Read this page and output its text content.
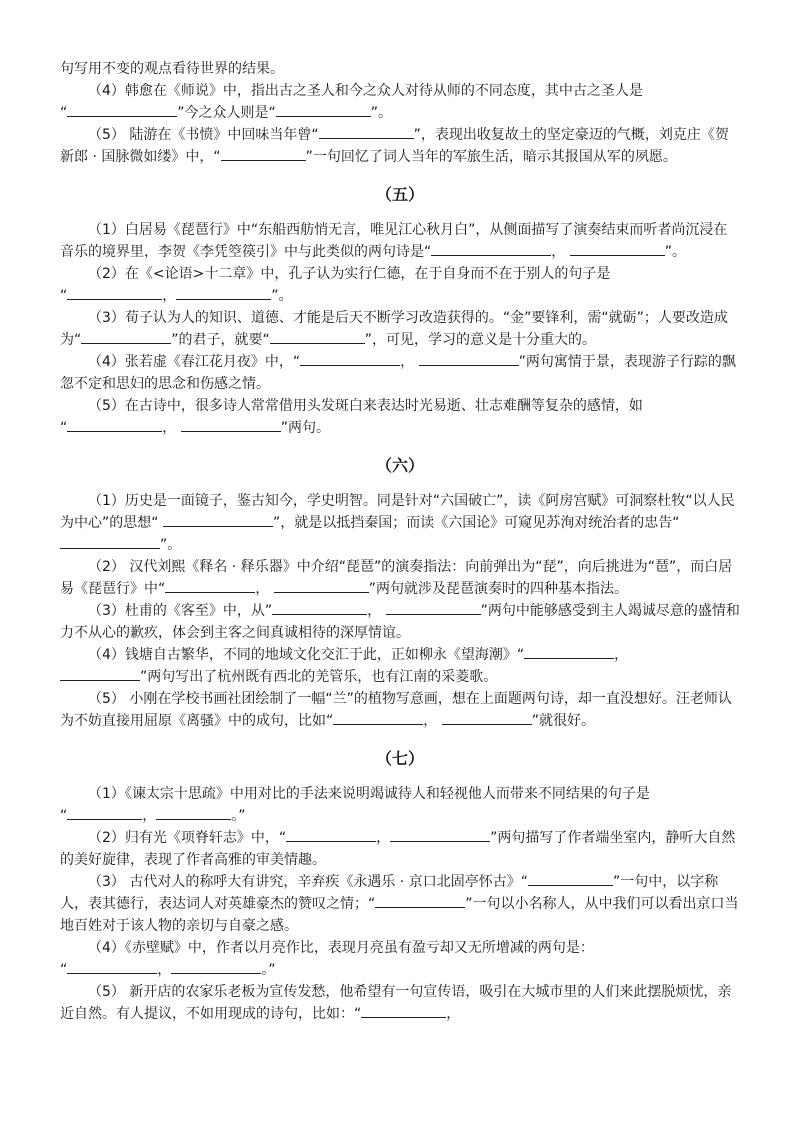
句写用不变的观点看待世界的结果。

（4）韩愈在《师说》中，指出古之圣人和今之众人对待从师的不同态度，其中古之圣人是
“	”今之众人则是“	”。

（5） 陆游在《书愤》中回味当年曾“	”，表现出收复故土的坚定豪迈的气概，刘克庄《贺新郎 · 国脉微如缕》中，“	”一句回忆了词人当年的军旅生活，暗示其报国从军的夙愿。

（五）

（1）白居易《琵琶行》中“东船西舫悄无言，唯见江心秋月白”，从侧面描写了演奏结束而听者尚沉浸在音乐的境界里，李贺《李凭箜篌引》中与此类似的两句诗是“	，	”。

（2）在《<论语>十二章》中，孔子认为实行仁德，在于自身而不在于别人的句子是
“	，	”。

（3）荀子认为人的知识、道德、才能是后天不断学习改造获得的。“金”要锋利，需“就砺”；人要改造成为“	”的君子，就要“	”，可见，学习的意义是十分重大的。

（4）张若虚《春江花月夜》中，“	，	”两句寓情于景，表现游子行踪的飘忽不定和思妇的思念和伤感之情。

（5）在古诗中，很多诗人常常借用头发斑白来表达时光易逝、壮志难酬等复杂的感情，如
“	，	”两句。

（六）

（1）历史是一面镜子，鉴古知今，学史明智。同是针对“六国破亡”，读《阿房宫赋》可洞察杜牧“以人民为中心”的思想“	”，就是以抵挡秦国；而读《六国论》可窥见苏洵对统治者的忠告“”。

（2） 汉代刘熙《释名 · 释乐器》中介绍“琵琶”的演奏指法：向前弹出为“琵”，向后挑进为“琶”，而白居易《琵琶行》中“	，	”两句就涉及琵琶演奏时的四种基本指法。

（3）杜甫的《客至》中，从”	，	”两句中能够感受到主人竭诚尽意的盛情和力不从心的歉疚，体会到主客之间真诚相待的深厚情谊。

（4）钱塘自古繁华，不同的地域文化交汇于此，正如柳永《望海潮》“	，
”两句写出了杭州既有西北的羌管乐，也有江南的采菱歌。

（5） 小刚在学校书画社团绘制了一幅“兰”的植物写意画，想在上面题两句诗，却一直没想好。汪老师认为不妨直接用屈原《离骚》中的成句，比如“	，	”就很好。

（七）

（1）《谏太宗十思疏》中用对比的手法来说明竭诚待人和轻视他人而带来不同结果的句子是
“	，	。”

（2）归有光《项脊轩志》中，“	，	”两句描写了作者端坐室内，静听大自然的美好旋律，表现了作者高雅的审美情趣。

（3） 古代对人的称呼大有讲究，辛弃疾《永遇乐 · 京口北固亭怀古》“	”一句中，以字称人，表其德行，表达词人对英雄豪杰的赞叹之情；“	”一句以小名称人，从中我们可以看出京口当地百姓对于该人物的亲切与自豪之感。

（4）《赤壁赋》中，作者以月亮作比，表现月亮虽有盈亏却又无所增减的两句是：
“	，	。”

（5） 新开店的农家乐老板为宣传发愁，他希望有一句宣传语，吸引在大城市里的人们来此摆脱烦忧，亲近自然。有人提议，不如用现成的诗句，比如：“	，
